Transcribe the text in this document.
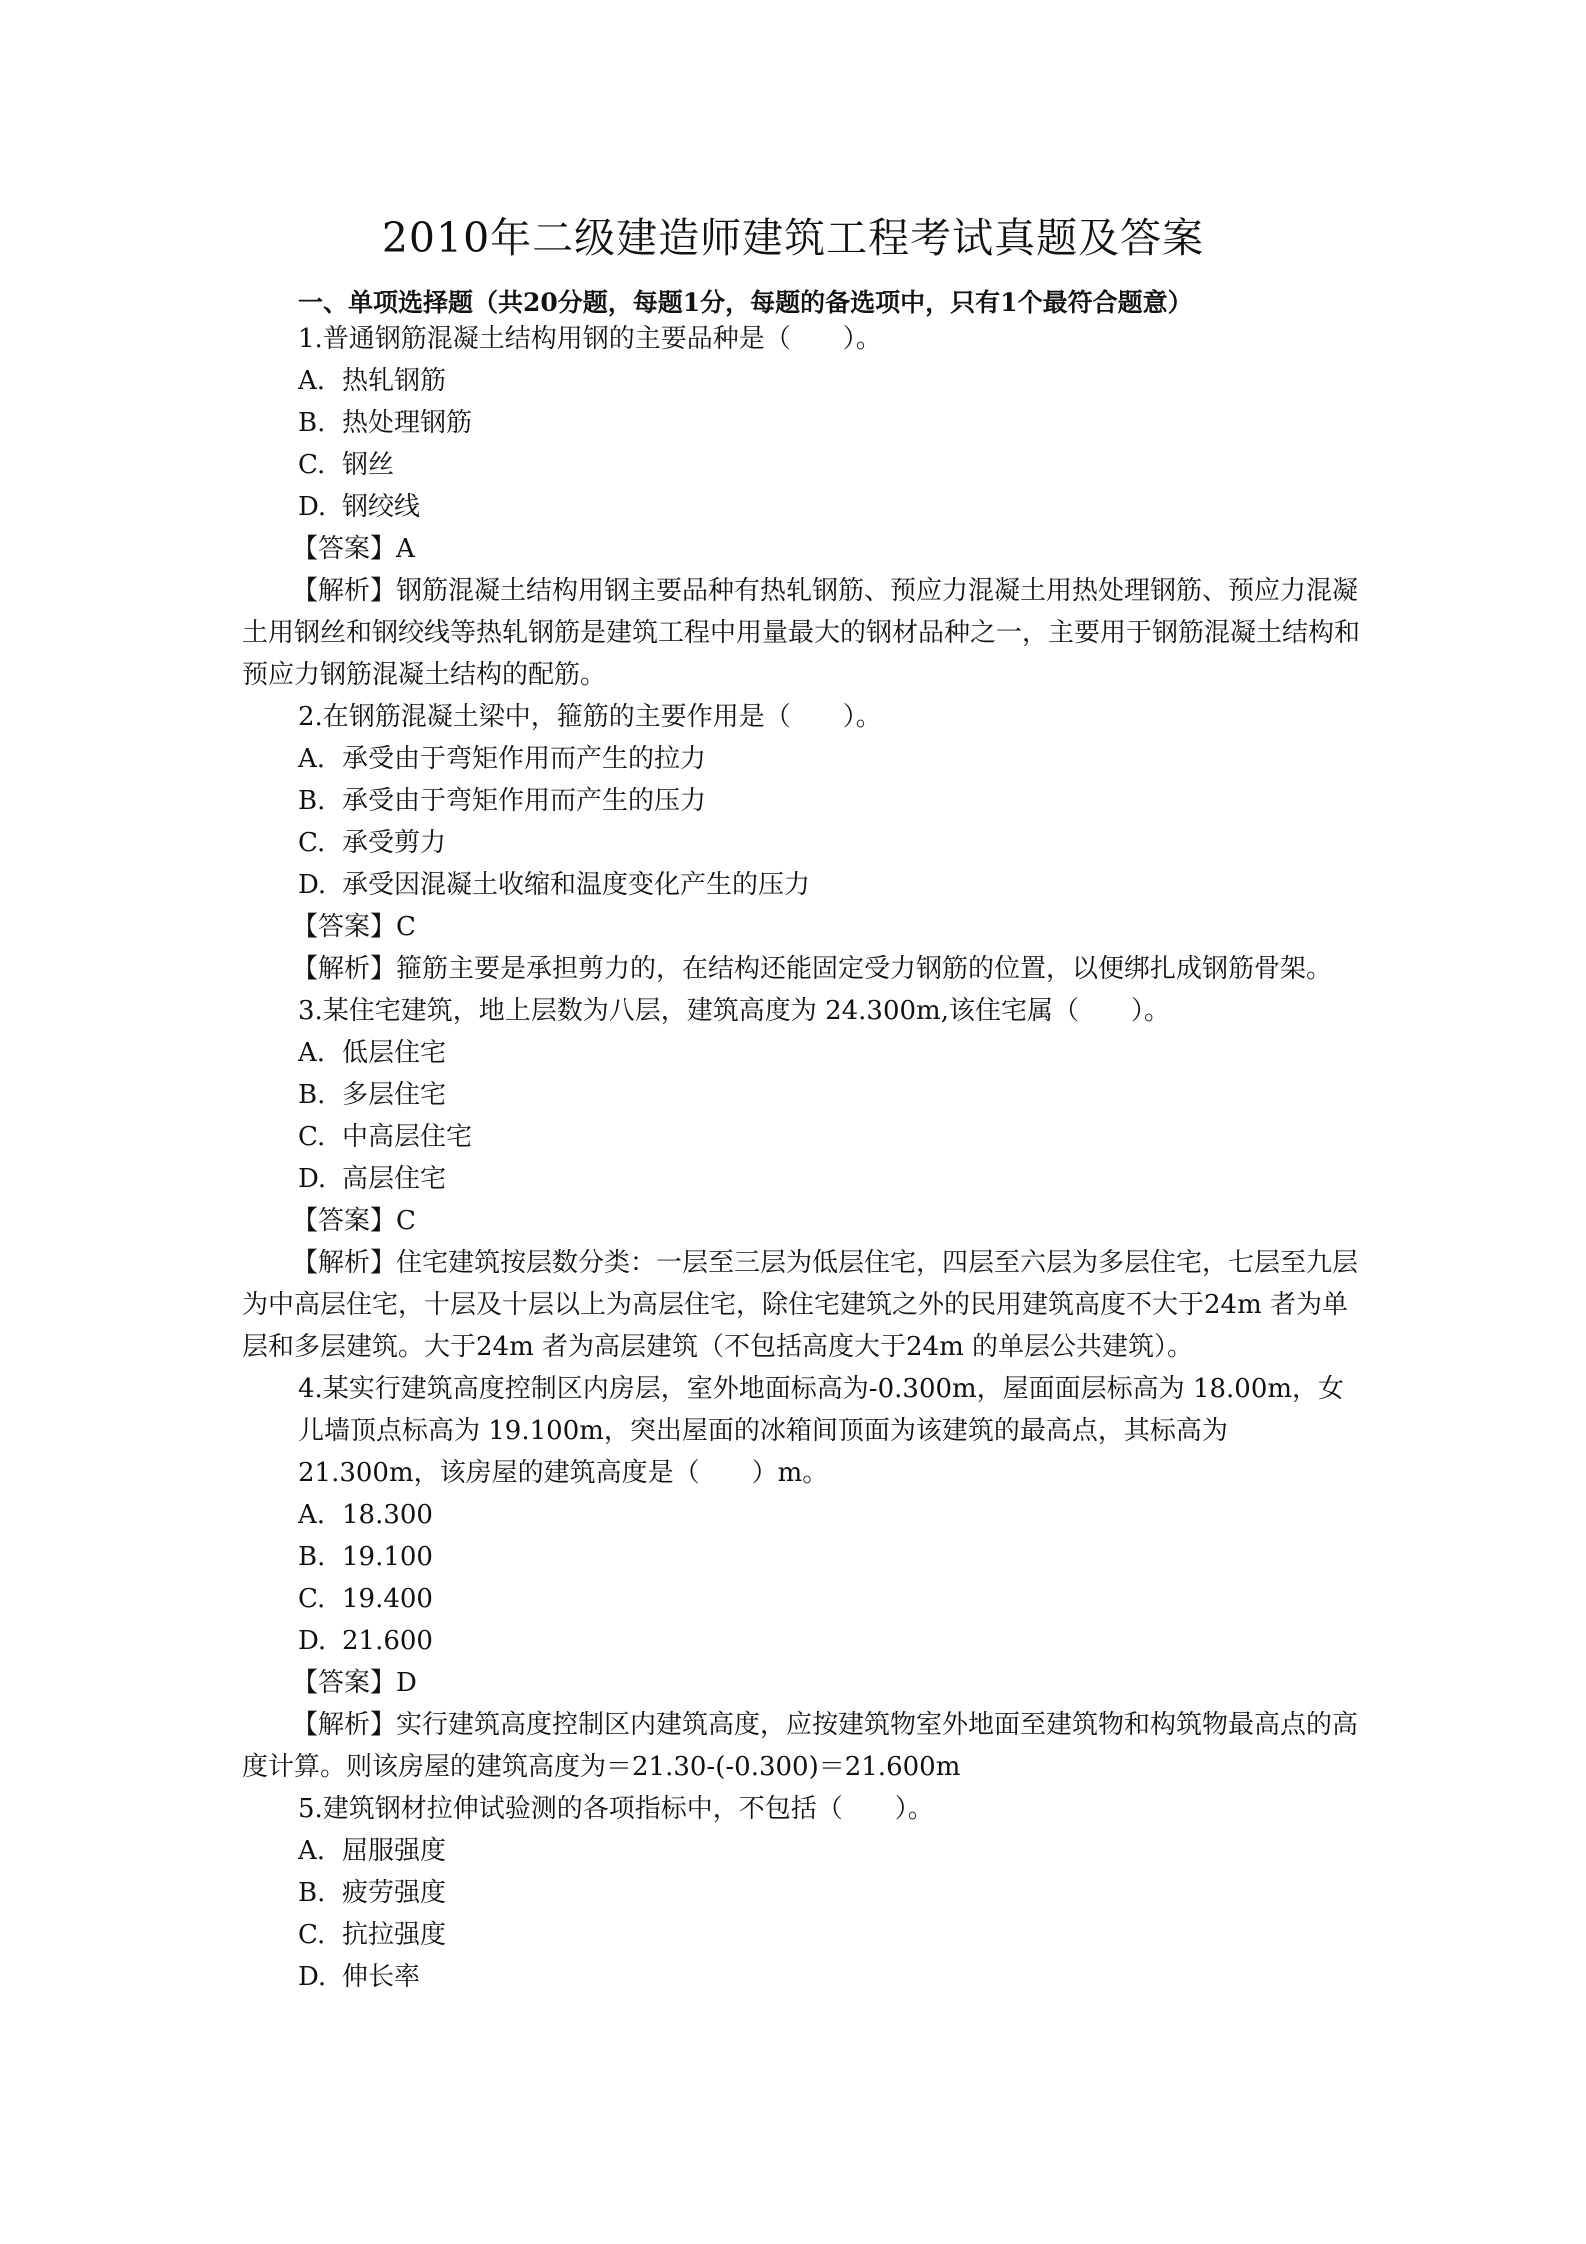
2010年二级建造师建筑工程考试真题及答案
一、单项选择题（共20分题，每题1分，每题的备选项中，只有1个最符合题意）

1.普通钢筋混凝土结构用钢的主要品种是（　　）。

A. 热轧钢筋

B. 热处理钢筋

C. 钢丝

D. 钢绞线

【答案】A

【解析】钢筋混凝土结构用钢主要品种有热轧钢筋、预应力混凝土用热处理钢筋、预应力混凝土用钢丝和钢绞线等热轧钢筋是建筑工程中用量最大的钢材品种之一，主要用于钢筋混凝土结构和预应力钢筋混凝土结构的配筋。

2.在钢筋混凝土梁中，箍筋的主要作用是（　　）。

A. 承受由于弯矩作用而产生的拉力

B. 承受由于弯矩作用而产生的压力

C. 承受剪力

D. 承受因混凝土收缩和温度变化产生的压力

【答案】C

【解析】箍筋主要是承担剪力的，在结构还能固定受力钢筋的位置，以便绑扎成钢筋骨架。

3.某住宅建筑，地上层数为八层，建筑高度为 24.300m,该住宅属（　　）。

A. 低层住宅

B. 多层住宅

C. 中高层住宅

D. 高层住宅

【答案】C

【解析】住宅建筑按层数分类：一层至三层为低层住宅，四层至六层为多层住宅，七层至九层为中高层住宅，十层及十层以上为高层住宅，除住宅建筑之外的民用建筑高度不大于24m 者为单层和多层建筑。大于24m 者为高层建筑（不包括高度大于24m 的单层公共建筑）。

4.某实行建筑高度控制区内房层，室外地面标高为-0.300m，屋面面层标高为 18.00m，女儿墙顶点标高为 19.100m，突出屋面的冰箱间顶面为该建筑的最高点，其标高为 21.300m，该房屋的建筑高度是（　　）m。

A. 18.300

B. 19.100

C. 19.400

D. 21.600

【答案】D

【解析】实行建筑高度控制区内建筑高度，应按建筑物室外地面至建筑物和构筑物最高点的高度计算。则该房屋的建筑高度为＝21.30-(-0.300)＝21.600m

5.建筑钢材拉伸试验测的各项指标中，不包括（　　）。

A. 屈服强度

B. 疲劳强度

C. 抗拉强度

D. 伸长率
